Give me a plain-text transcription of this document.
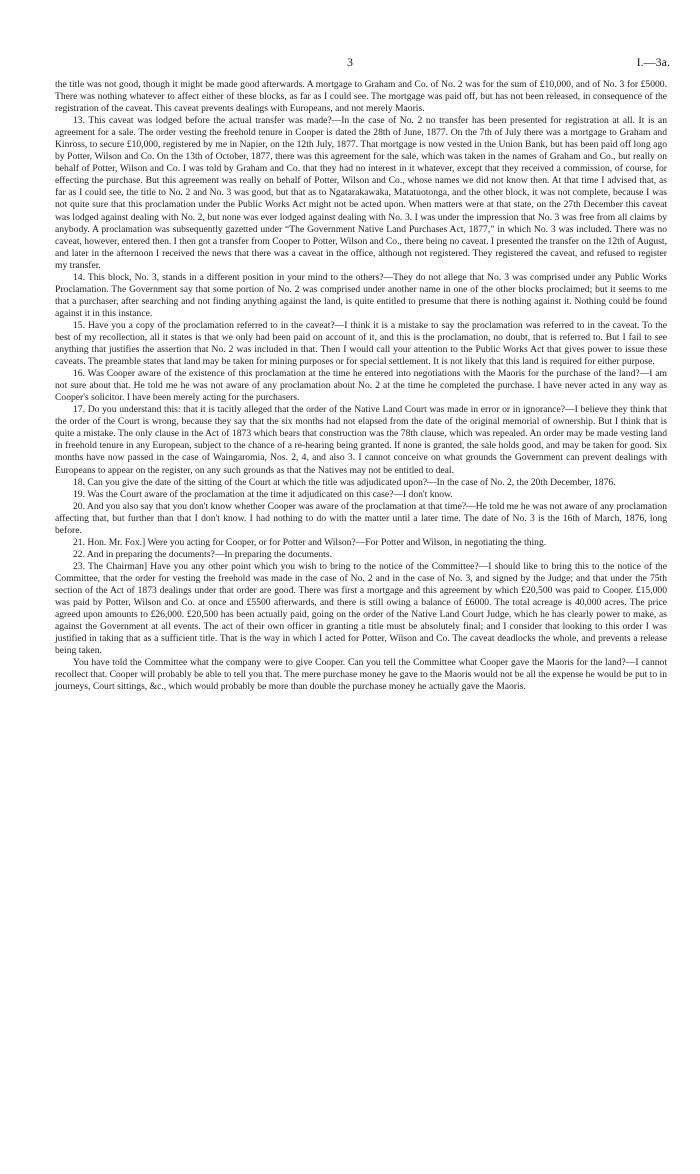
3	I.—3a.

the title was not good, though it might be made good afterwards. A mortgage to Graham and Co. of No. 2 was for the sum of £10,000, and of No. 3 for £5000. There was nothing whatever to affect either of these blocks, as far as I could see. The mortgage was paid off, but has not been released, in consequence of the registration of the caveat. This caveat prevents dealings with Europeans, and not merely Maoris.

13. This caveat was lodged before the actual transfer was made?—In the case of No. 2 no transfer has been presented for registration at all. It is an agreement for a sale. The order vesting the freehold tenure in Cooper is dated the 28th of June, 1877. On the 7th of July there was a mortgage to Graham and Kinross, to secure £10,000, registered by me in Napier, on the 12th July, 1877. That mortgage is now vested in the Union Bank, but has been paid off long ago by Potter, Wilson and Co. On the 13th of October, 1877, there was this agreement for the sale, which was taken in the names of Graham and Co., but really on behalf of Potter, Wilson and Co. I was told by Graham and Co. that they had no interest in it whatever, except that they received a commission, of course, for effecting the purchase. But this agreement was really on behalf of Potter, Wilson and Co., whose names we did not know then. At that time I advised that, as far as I could see, the title to No. 2 and No. 3 was good, but that as to Ngatarakawaka, Matatuotonga, and the other block, it was not complete, because I was not quite sure that this proclamation under the Public Works Act might not be acted upon. When matters were at that state, on the 27th December this caveat was lodged against dealing with No. 2, but none was ever lodged against dealing with No. 3. I was under the impression that No. 3 was free from all claims by anybody. A proclamation was subsequently gazetted under “The Government Native Land Purchases Act, 1877,” in which No. 3 was included. There was no caveat, however, entered then. I then got a transfer from Cooper to Potter, Wilson and Co., there being no caveat. I presented the transfer on the 12th of August, and later in the afternoon I received the news that there was a caveat in the office, although not registered. They registered the caveat, and refused to register my transfer.

14. This block, No. 3, stands in a different position in your mind to the others?—They do not allege that No. 3 was comprised under any Public Works Proclamation. The Government say that some portion of No. 2 was comprised under another name in one of the other blocks proclaimed; but it seems to me that a purchaser, after searching and not finding anything against the land, is quite entitled to presume that there is nothing against it. Nothing could be found against it in this instance.

15. Have you a copy of the proclamation referred to in the caveat?—I think it is a mistake to say the proclamation was referred to in the caveat. To the best of my recollection, all it states is that we only had been paid on account of it, and this is the proclamation, no doubt, that is referred to. But I fail to see anything that justifies the assertion that No. 2 was included in that. Then I would call your attention to the Public Works Act that gives power to issue these caveats. The preamble states that land may be taken for mining purposes or for special settlement. It is not likely that this land is required for either purpose.

16. Was Cooper aware of the existence of this proclamation at the time he entered into negotiations with the Maoris for the purchase of the land?—I am not sure about that. He told me he was not aware of any proclamation about No. 2 at the time he completed the purchase. I have never acted in any way as Cooper's solicitor. I have been merely acting for the purchasers.

17. Do you understand this: that it is tacitly alleged that the order of the Native Land Court was made in error or in ignorance?—I believe they think that the order of the Court is wrong, because they say that the six months had not elapsed from the date of the original memorial of ownership. But I think that is quite a mistake. The only clause in the Act of 1873 which bears that construction was the 78th clause, which was repealed. An order may be made vesting land in freehold tenure in any European, subject to the chance of a re-hearing being granted. If none is granted, the sale holds good, and may be taken for good. Six months have now passed in the case of Waingaromia, Nos. 2, 4, and also 3. I cannot conceive on what grounds the Government can prevent dealings with Europeans to appear on the register, on any such grounds as that the Natives may not be entitled to deal.

18. Can you give the date of the sitting of the Court at which the title was adjudicated upon?—In the case of No. 2, the 20th December, 1876.

19. Was the Court aware of the proclamation at the time it adjudicated on this case?—I don't know.

20. And you also say that you don't know whether Cooper was aware of the proclamation at that time?—He told me he was not aware of any proclamation affecting that, but further than that I don't know. I had nothing to do with the matter until a later time. The date of No. 3 is the 16th of March, 1876, long before.

21. Hon. Mr. Fox.] Were you acting for Cooper, or for Potter and Wilson?—For Potter and Wilson, in negotiating the thing.

22. And in preparing the documents?—In preparing the documents.

23. The Chairman] Have you any other point which you wish to bring to the notice of the Committee?—I should like to bring this to the notice of the Committee, that the order for vesting the freehold was made in the case of No. 2 and in the case of No. 3, and signed by the Judge; and that under the 75th section of the Act of 1873 dealings under that order are good. There was first a mortgage and this agreement by which £20,500 was paid to Cooper. £15,000 was paid by Potter, Wilson and Co. at once and £5500 afterwards, and there is still owing a balance of £6000. The total acreage is 40,000 acres. The price agreed upon amounts to £26,000. £20,500 has been actually paid, going on the order of the Native Land Court Judge, which he has clearly power to make, as against the Government at all events. The act of their own officer in granting a title must be absolutely final; and I consider that looking to this order I was justified in taking that as a sufficient title. That is the way in which I acted for Potter, Wilson and Co. The caveat deadlocks the whole, and prevents a release being taken.

You have told the Committee what the company were to give Cooper. Can you tell the Committee what Cooper gave the Maoris for the land?—I cannot recollect that. Cooper will probably be able to tell you that. The mere purchase money he gave to the Maoris would not be all the expense he would be put to in journeys, Court sittings, &c., which would probably be more than double the purchase money he actually gave the Maoris.
